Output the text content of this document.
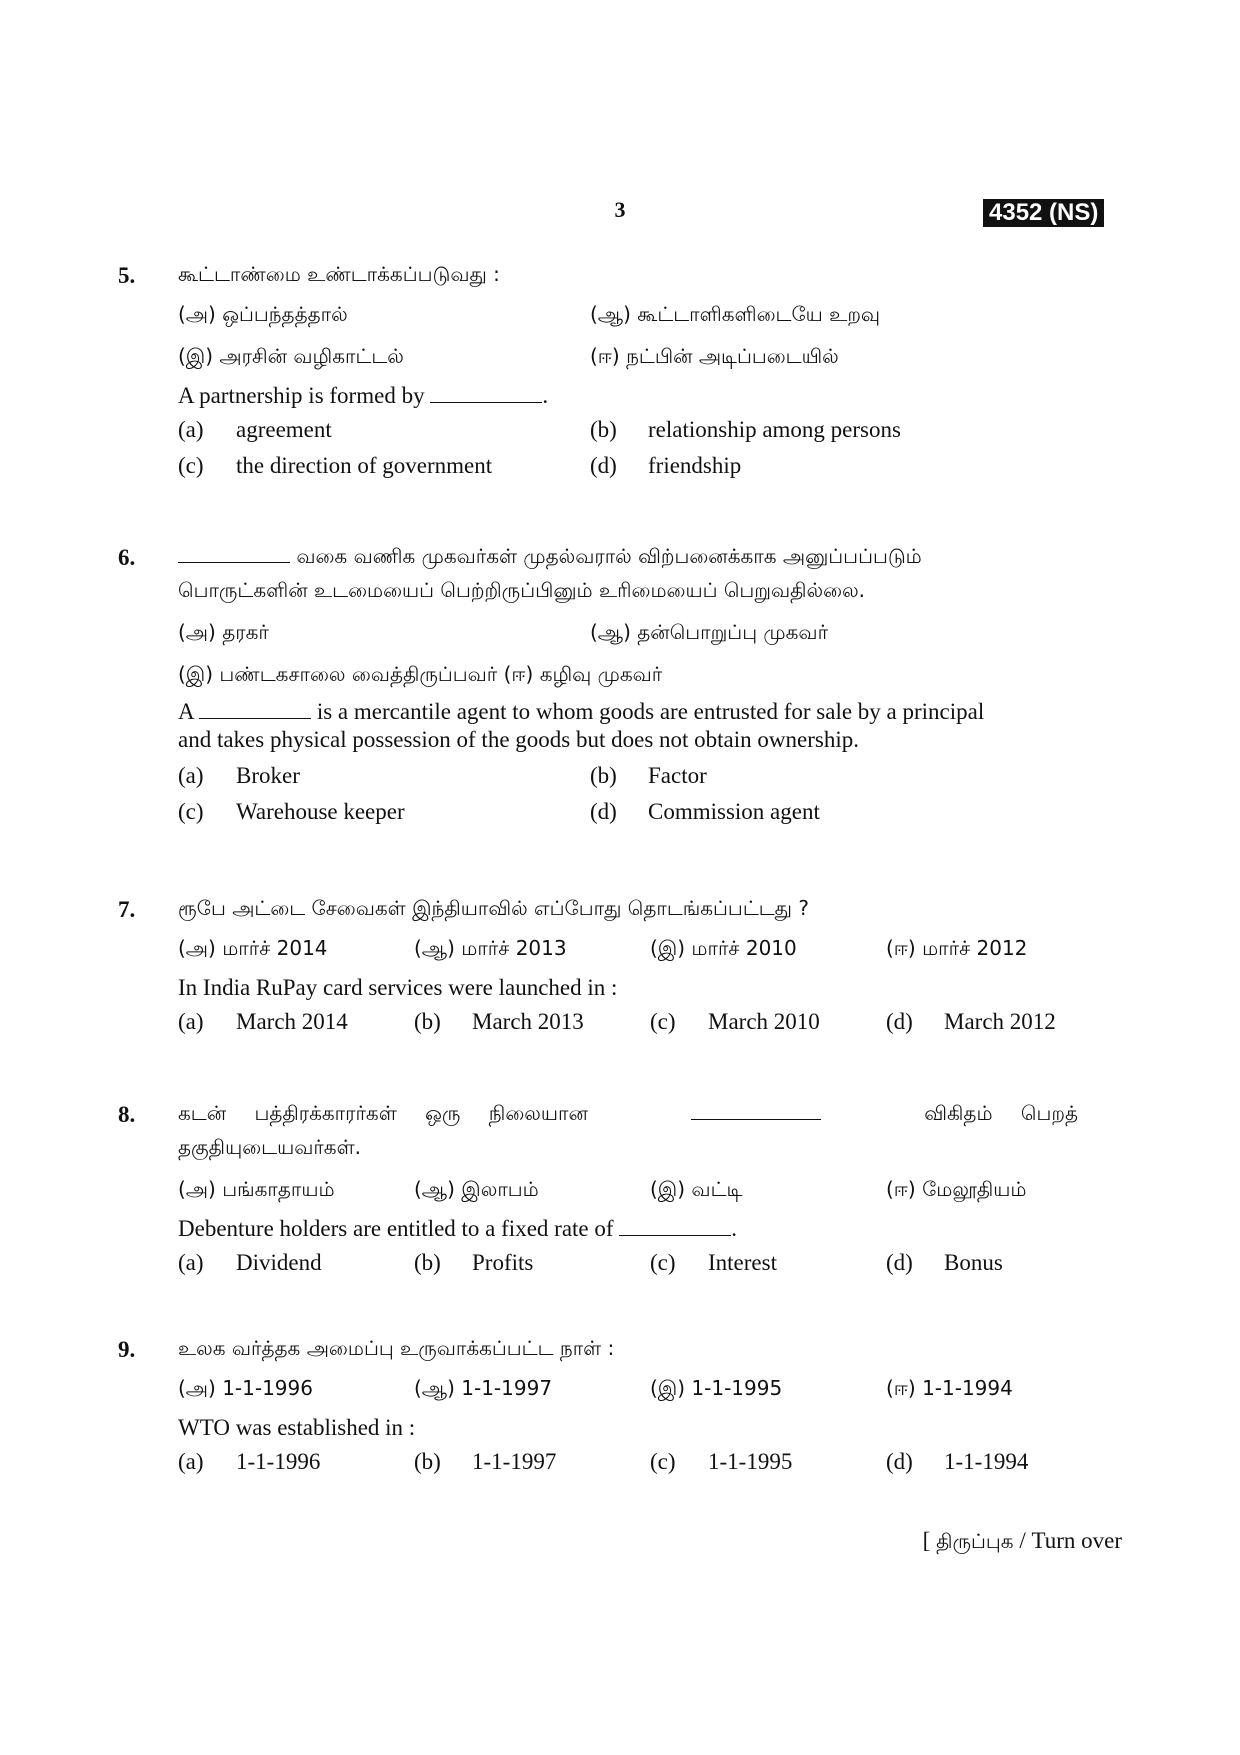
3	4352 (NS)
5. கூட்டாண்மை உண்டாக்கப்படுவது :
(அ) ஒப்பந்தத்தால்	(ஆ) கூட்டாளிகளிடையே உறவு
(இ) அரசின் வழிகாட்டல்	(ஈ) நட்பின் அடிப்படையில்
A partnership is formed by	.
(a) agreement	(b) relationship among persons
(c) the direction of government	(d) friendship
6.	வகை வணிக முகவர்கள் முதல்வரால் விற்பனைக்காக அனுப்பப்படும்
பொருட்களின் உடமையைப் பெற்றிருப்பினும் உரிமையைப் பெறுவதில்லை.
(அ) தரகர்	(ஆ) தன்பொறுப்பு முகவர்
(இ) பண்டகசாலை வைத்திருப்பவர் (ஈ) கழிவு முகவர்
A	is a mercantile agent to whom goods are entrusted for sale by a principal
and takes physical possession of the goods but does not obtain ownership.
(a) Broker	(b) Factor
(c) Warehouse keeper	(d) Commission agent
7. ரூபே அட்டை சேவைகள் இந்தியாவில் எப்போது தொடங்கப்பட்டது ?
(அ) மார்ச் 2014	(ஆ) மார்ச் 2013	(இ) மார்ச் 2010	(ஈ) மார்ச் 2012
In India RuPay card services were launched in :
(a) March 2014	(b) March 2013	(c) March 2010	(d) March 2012
8. கடன் பத்திரக்காரர்கள் ஒரு நிலையான	விகிதம் பெறத்
தகுதியுடையவர்கள்.
(அ) பங்காதாயம்	(ஆ) இலாபம்	(இ) வட்டி	(ஈ) மேலூதியம்
Debenture holders are entitled to a fixed rate of	.
(a) Dividend	(b) Profits	(c) Interest	(d) Bonus
9. உலக வர்த்தக அமைப்பு உருவாக்கப்பட்ட நாள் :
(அ) 1-1-1996	(ஆ) 1-1-1997	(இ) 1-1-1995	(ஈ) 1-1-1994
WTO was established in :
(a) 1-1-1996	(b) 1-1-1997	(c) 1-1-1995	(d) 1-1-1994
[ திருப்புக / Turn over
